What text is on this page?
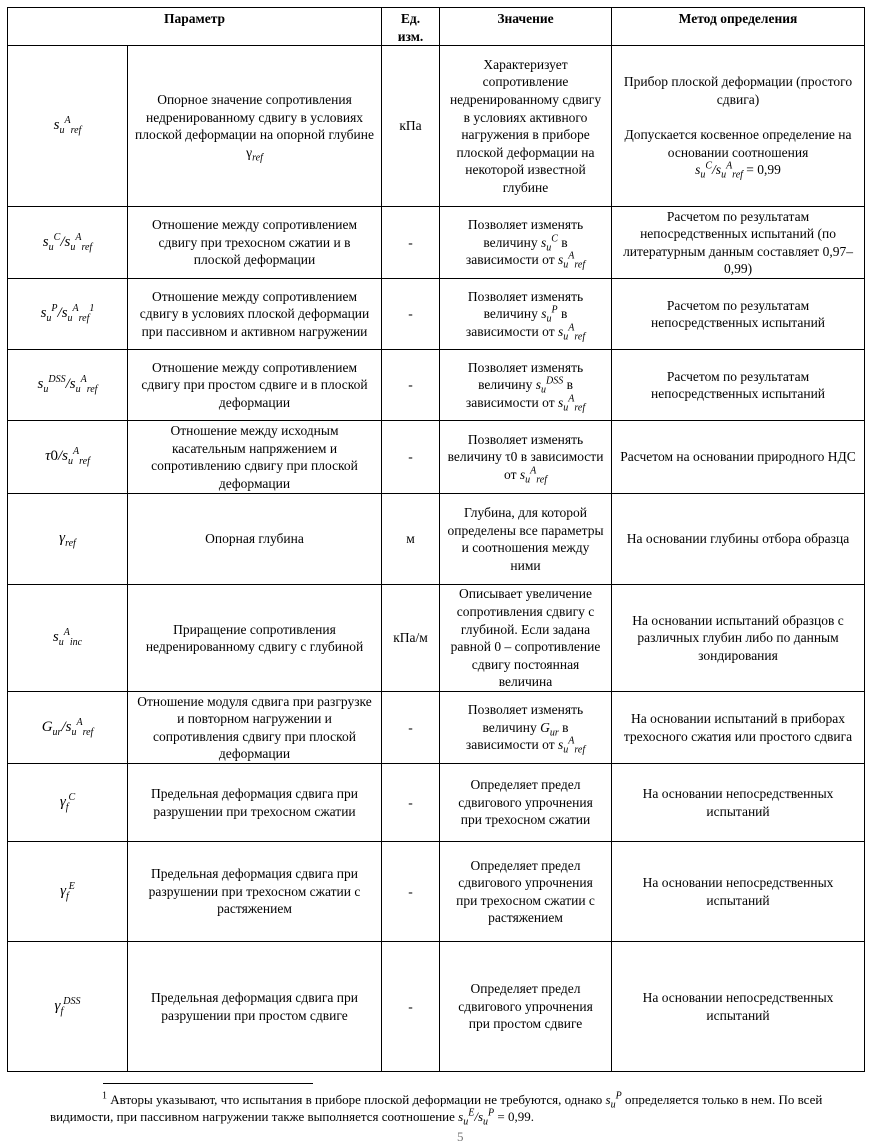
Параметр		Ед. изм.	Значение	Метод определения
$s_u^A_{ref}$	Опорное значение сопротивления недренированному сдвигу в условиях плоской деформации на опорной глубине $\gamma_{ref}$	кПа	Характеризует сопротивление недренированному сдвигу в условиях активного нагружения в приборе плоской деформации на некоторой известной глубине	Прибор плоской деформации (простого сдвига)

Допускается косвенное определение на основании соотношения
$s_u^C/s_u^A_{ref} = 0,99$
$s_u^C/s_u^A_{ref}$	Отношение между сопротивлением сдвигу при трехосном сжатии и в плоской деформации	-	Позволяет изменять величину $s_u^C$ в зависимости от $s_u^A_{ref}$	Расчетом по результатам непосредственных испытаний (по литературным данным составляет 0,97–0,99)
$s_u^P/s_u^A_{ref}^1$	Отношение между сопротивлением сдвигу в условиях плоской деформации при пассивном и активном нагружении	-	Позволяет изменять величину $s_u^P$ в зависимости от $s_u^A_{ref}$	Расчетом по результатам непосредственных испытаний
$s_u^{DSS}/s_u^A_{ref}$	Отношение между сопротивлением сдвигу при простом сдвиге и в плоской деформации	-	Позволяет изменять величину $s_u^{DSS}$ в зависимости от $s_u^A_{ref}$	Расчетом по результатам непосредственных испытаний
$\tau 0/s_u^A_{ref}$	Отношение между исходным касательным напряжением и сопротивлению сдвигу при плоской деформации	-	Позволяет изменять величину τ0 в зависимости от $s_u^A_{ref}$	Расчетом на основании природного НДС
$\gamma_{ref}$	Опорная глубина	м	Глубина, для которой определены все параметры и соотношения между ними	На основании глубины отбора образца
$s_u^A_{inc}$	Приращение сопротивления недренированному сдвигу с глубиной	кПа/м	Описывает увеличение сопротивления сдвигу с глубиной. Если задана равной 0 – сопротивление сдвигу постоянная величина	На основании испытаний образцов с различных глубин либо по данным зондирования
$G_{ur}/s_u^A_{ref}$	Отношение модуля сдвига при разгрузке и повторном нагружении и сопротивления сдвигу при плоской деформации	-	Позволяет изменять величину $G_{ur}$ в зависимости от $s_u^A_{ref}$	На основании испытаний в приборах трехосного сжатия или простого сдвига
$\gamma_f^C$	Предельная деформация сдвига при разрушении при трехосном сжатии	-	Определяет предел сдвигового упрочнения при трехосном сжатии	На основании непосредственных испытаний
$\gamma_f^E$	Предельная деформация сдвига при разрушении при трехосном сжатии с растяжением	-	Определяет предел сдвигового упрочнения при трехосном сжатии с растяжением	На основании непосредственных испытаний
$\gamma_f^{DSS}$	Предельная деформация сдвига при разрушении при простом сдвиге	-	Определяет предел сдвигового упрочнения при простом сдвиге	На основании непосредственных испытаний
$^1$ Авторы указывают, что испытания в приборе плоской деформации не требуются, однако $s_u^P$ определяется только в нем. По всей видимости, при пассивном нагружении также выполняется соотношение $s_u^E/s_u^P = 0,99$.
5
